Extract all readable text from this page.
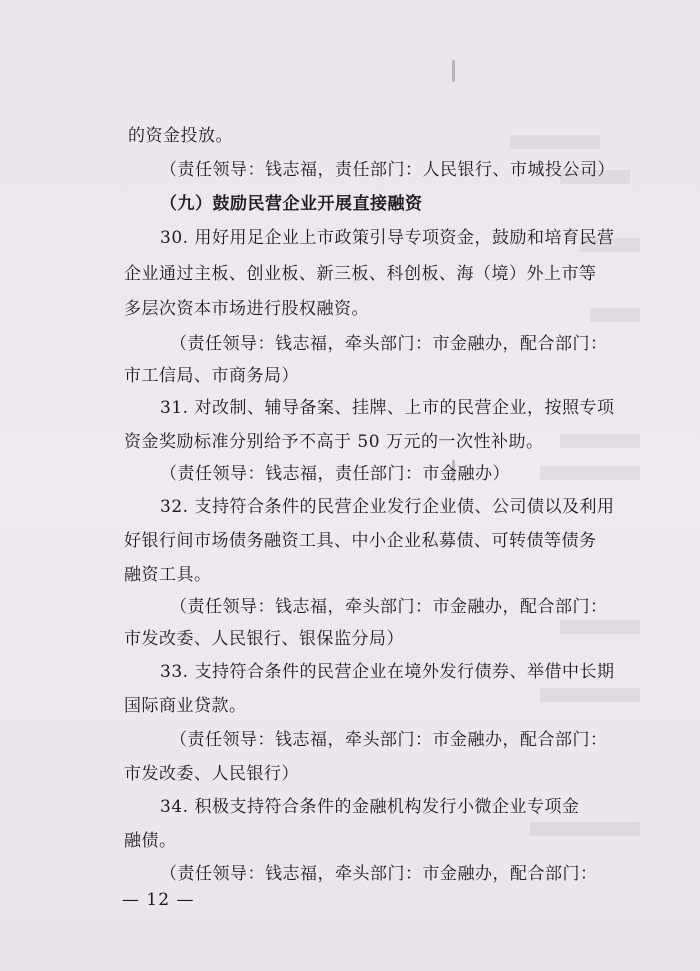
的资金投放。
（责任领导：钱志福，责任部门：人民银行、市城投公司）
（九）鼓励民营企业开展直接融资
30. 用好用足企业上市政策引导专项资金，鼓励和培育民营
企业通过主板、创业板、新三板、科创板、海（境）外上市等
多层次资本市场进行股权融资。
（责任领导：钱志福，牵头部门：市金融办，配合部门：
市工信局、市商务局）
31. 对改制、辅导备案、挂牌、上市的民营企业，按照专项
资金奖励标准分别给予不高于 50 万元的一次性补助。
（责任领导：钱志福，责任部门：市金融办）
32. 支持符合条件的民营企业发行企业债、公司债以及利用
好银行间市场债务融资工具、中小企业私募债、可转债等债务
融资工具。
（责任领导：钱志福，牵头部门：市金融办，配合部门：
市发改委、人民银行、银保监分局）
33. 支持符合条件的民营企业在境外发行债券、举借中长期
国际商业贷款。
（责任领导：钱志福，牵头部门：市金融办，配合部门：
市发改委、人民银行）
34. 积极支持符合条件的金融机构发行小微企业专项金
融债。
（责任领导：钱志福，牵头部门：市金融办，配合部门：
— 12 —
